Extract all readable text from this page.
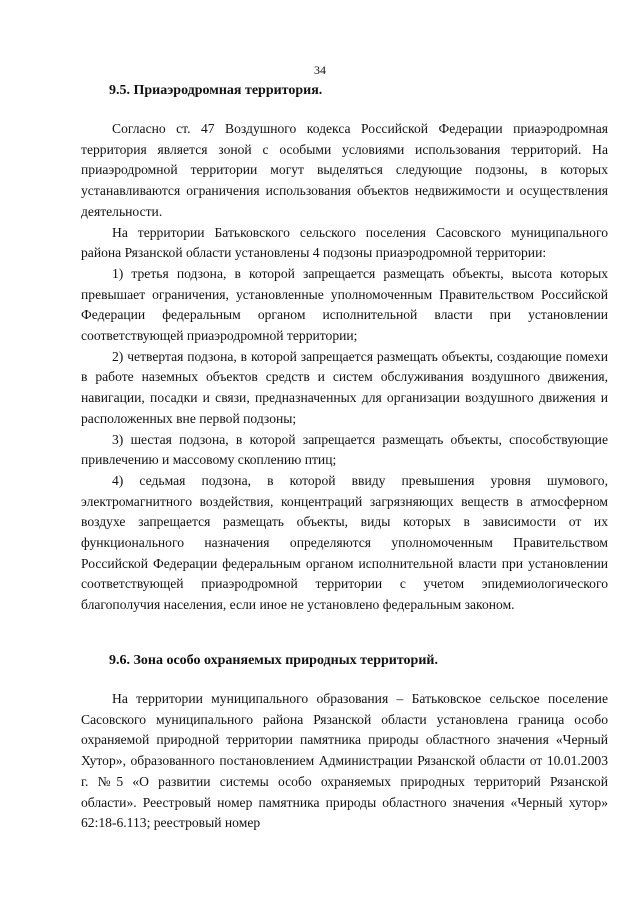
34
9.5. Приаэродромная территория.

Согласно ст. 47 Воздушного кодекса Российской Федерации приаэродромная территория является зоной с особыми условиями использования территорий. На приаэродромной территории могут выделяться следующие подзоны, в которых устанавливаются ограничения использования объектов недвижимости и осуществления деятельности.

На территории Батьковского сельского поселения Сасовского муниципального района Рязанской области установлены 4 подзоны приаэродромной территории:

1) третья подзона, в которой запрещается размещать объекты, высота которых превышает ограничения, установленные уполномоченным Правительством Российской Федерации федеральным органом исполнительной власти при установлении соответствующей приаэродромной территории;

2) четвертая подзона, в которой запрещается размещать объекты, создающие помехи в работе наземных объектов средств и систем обслуживания воздушного движения, навигации, посадки и связи, предназначенных для организации воздушного движения и расположенных вне первой подзоны;

3) шестая подзона, в которой запрещается размещать объекты, способствующие привлечению и массовому скоплению птиц;

4) седьмая подзона, в которой ввиду превышения уровня шумового, электромагнитного воздействия, концентраций загрязняющих веществ в атмосферном воздухе запрещается размещать объекты, виды которых в зависимости от их функционального назначения определяются уполномоченным Правительством Российской Федерации федеральным органом исполнительной власти при установлении соответствующей приаэродромной территории с учетом эпидемиологического благополучия населения, если иное не установлено федеральным законом.

9.6. Зона особо охраняемых природных территорий.

На территории муниципального образования – Батьковское сельское поселение Сасовского муниципального района Рязанской области установлена граница особо охраняемой природной территории памятника природы областного значения «Черный Хутор», образованного постановлением Администрации Рязанской области от 10.01.2003 г. №5 «О развитии системы особо охраняемых природных территорий Рязанской области». Реестровый номер памятника природы областного значения «Черный хутор» 62:18-6.113; реестровый номер
